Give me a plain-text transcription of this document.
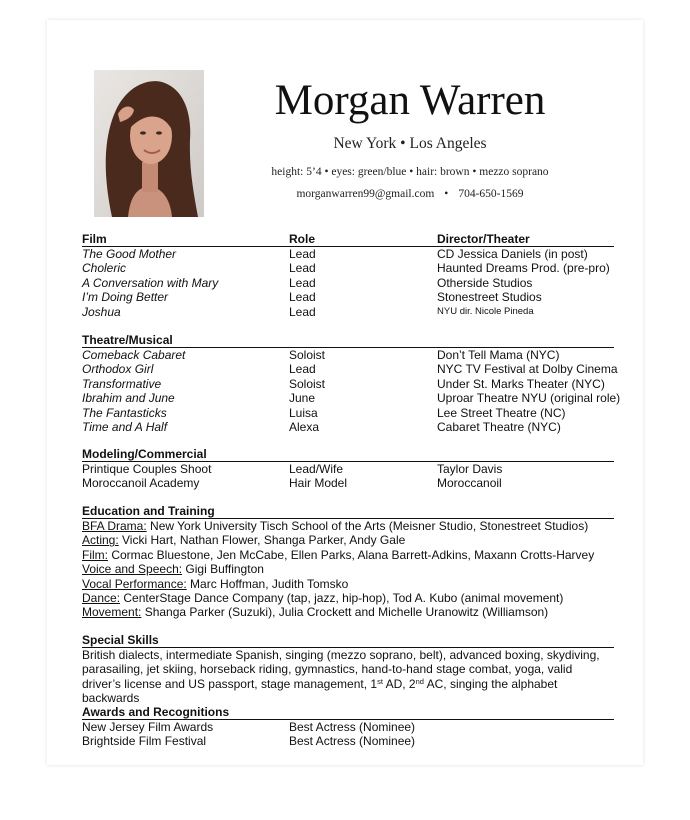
Morgan Warren
New York • Los Angeles
height: 5’4 • eyes: green/blue • hair: brown • mezzo soprano
morganwarren99@gmail.com • 704-650-1569
Film	Role	Director/Theater
The Good Mother	Lead	CD Jessica Daniels (in post)
Choleric	Lead	Haunted Dreams Prod. (pre-pro)
A Conversation with Mary	Lead	Otherside Studios
I’m Doing Better	Lead	Stonestreet Studios
Joshua	Lead	NYU dir. Nicole Pineda
Theatre/Musical
Comeback Cabaret	Soloist	Don’t Tell Mama (NYC)
Orthodox Girl	Lead	NYC TV Festival at Dolby Cinema
Transformative	Soloist	Under St. Marks Theater (NYC)
Ibrahim and June	June	Uproar Theatre NYU (original role)
The Fantasticks	Luisa	Lee Street Theatre (NC)
Time and A Half	Alexa	Cabaret Theatre (NYC)
Modeling/Commercial
Printique Couples Shoot	Lead/Wife	Taylor Davis
Moroccanoil Academy	Hair Model	Moroccanoil
Education and Training
BFA Drama: New York University Tisch School of the Arts (Meisner Studio, Stonestreet Studios)
Acting: Vicki Hart, Nathan Flower, Shanga Parker, Andy Gale
Film: Cormac Bluestone, Jen McCabe, Ellen Parks, Alana Barrett-Adkins, Maxann Crotts-Harvey
Voice and Speech: Gigi Buffington
Vocal Performance: Marc Hoffman, Judith Tomsko
Dance: CenterStage Dance Company (tap, jazz, hip-hop), Tod A. Kubo (animal movement)
Movement: Shanga Parker (Suzuki), Julia Crockett and Michelle Uranowitz (Williamson)
Special Skills
British dialects, intermediate Spanish, singing (mezzo soprano, belt), advanced boxing, skydiving, parasailing, jet skiing, horseback riding, gymnastics, hand-to-hand stage combat, yoga, valid driver’s license and US passport, stage management, 1st AD, 2nd AC, singing the alphabet backwards
Awards and Recognitions
New Jersey Film Awards	Best Actress (Nominee)
Brightside Film Festival	Best Actress (Nominee)
